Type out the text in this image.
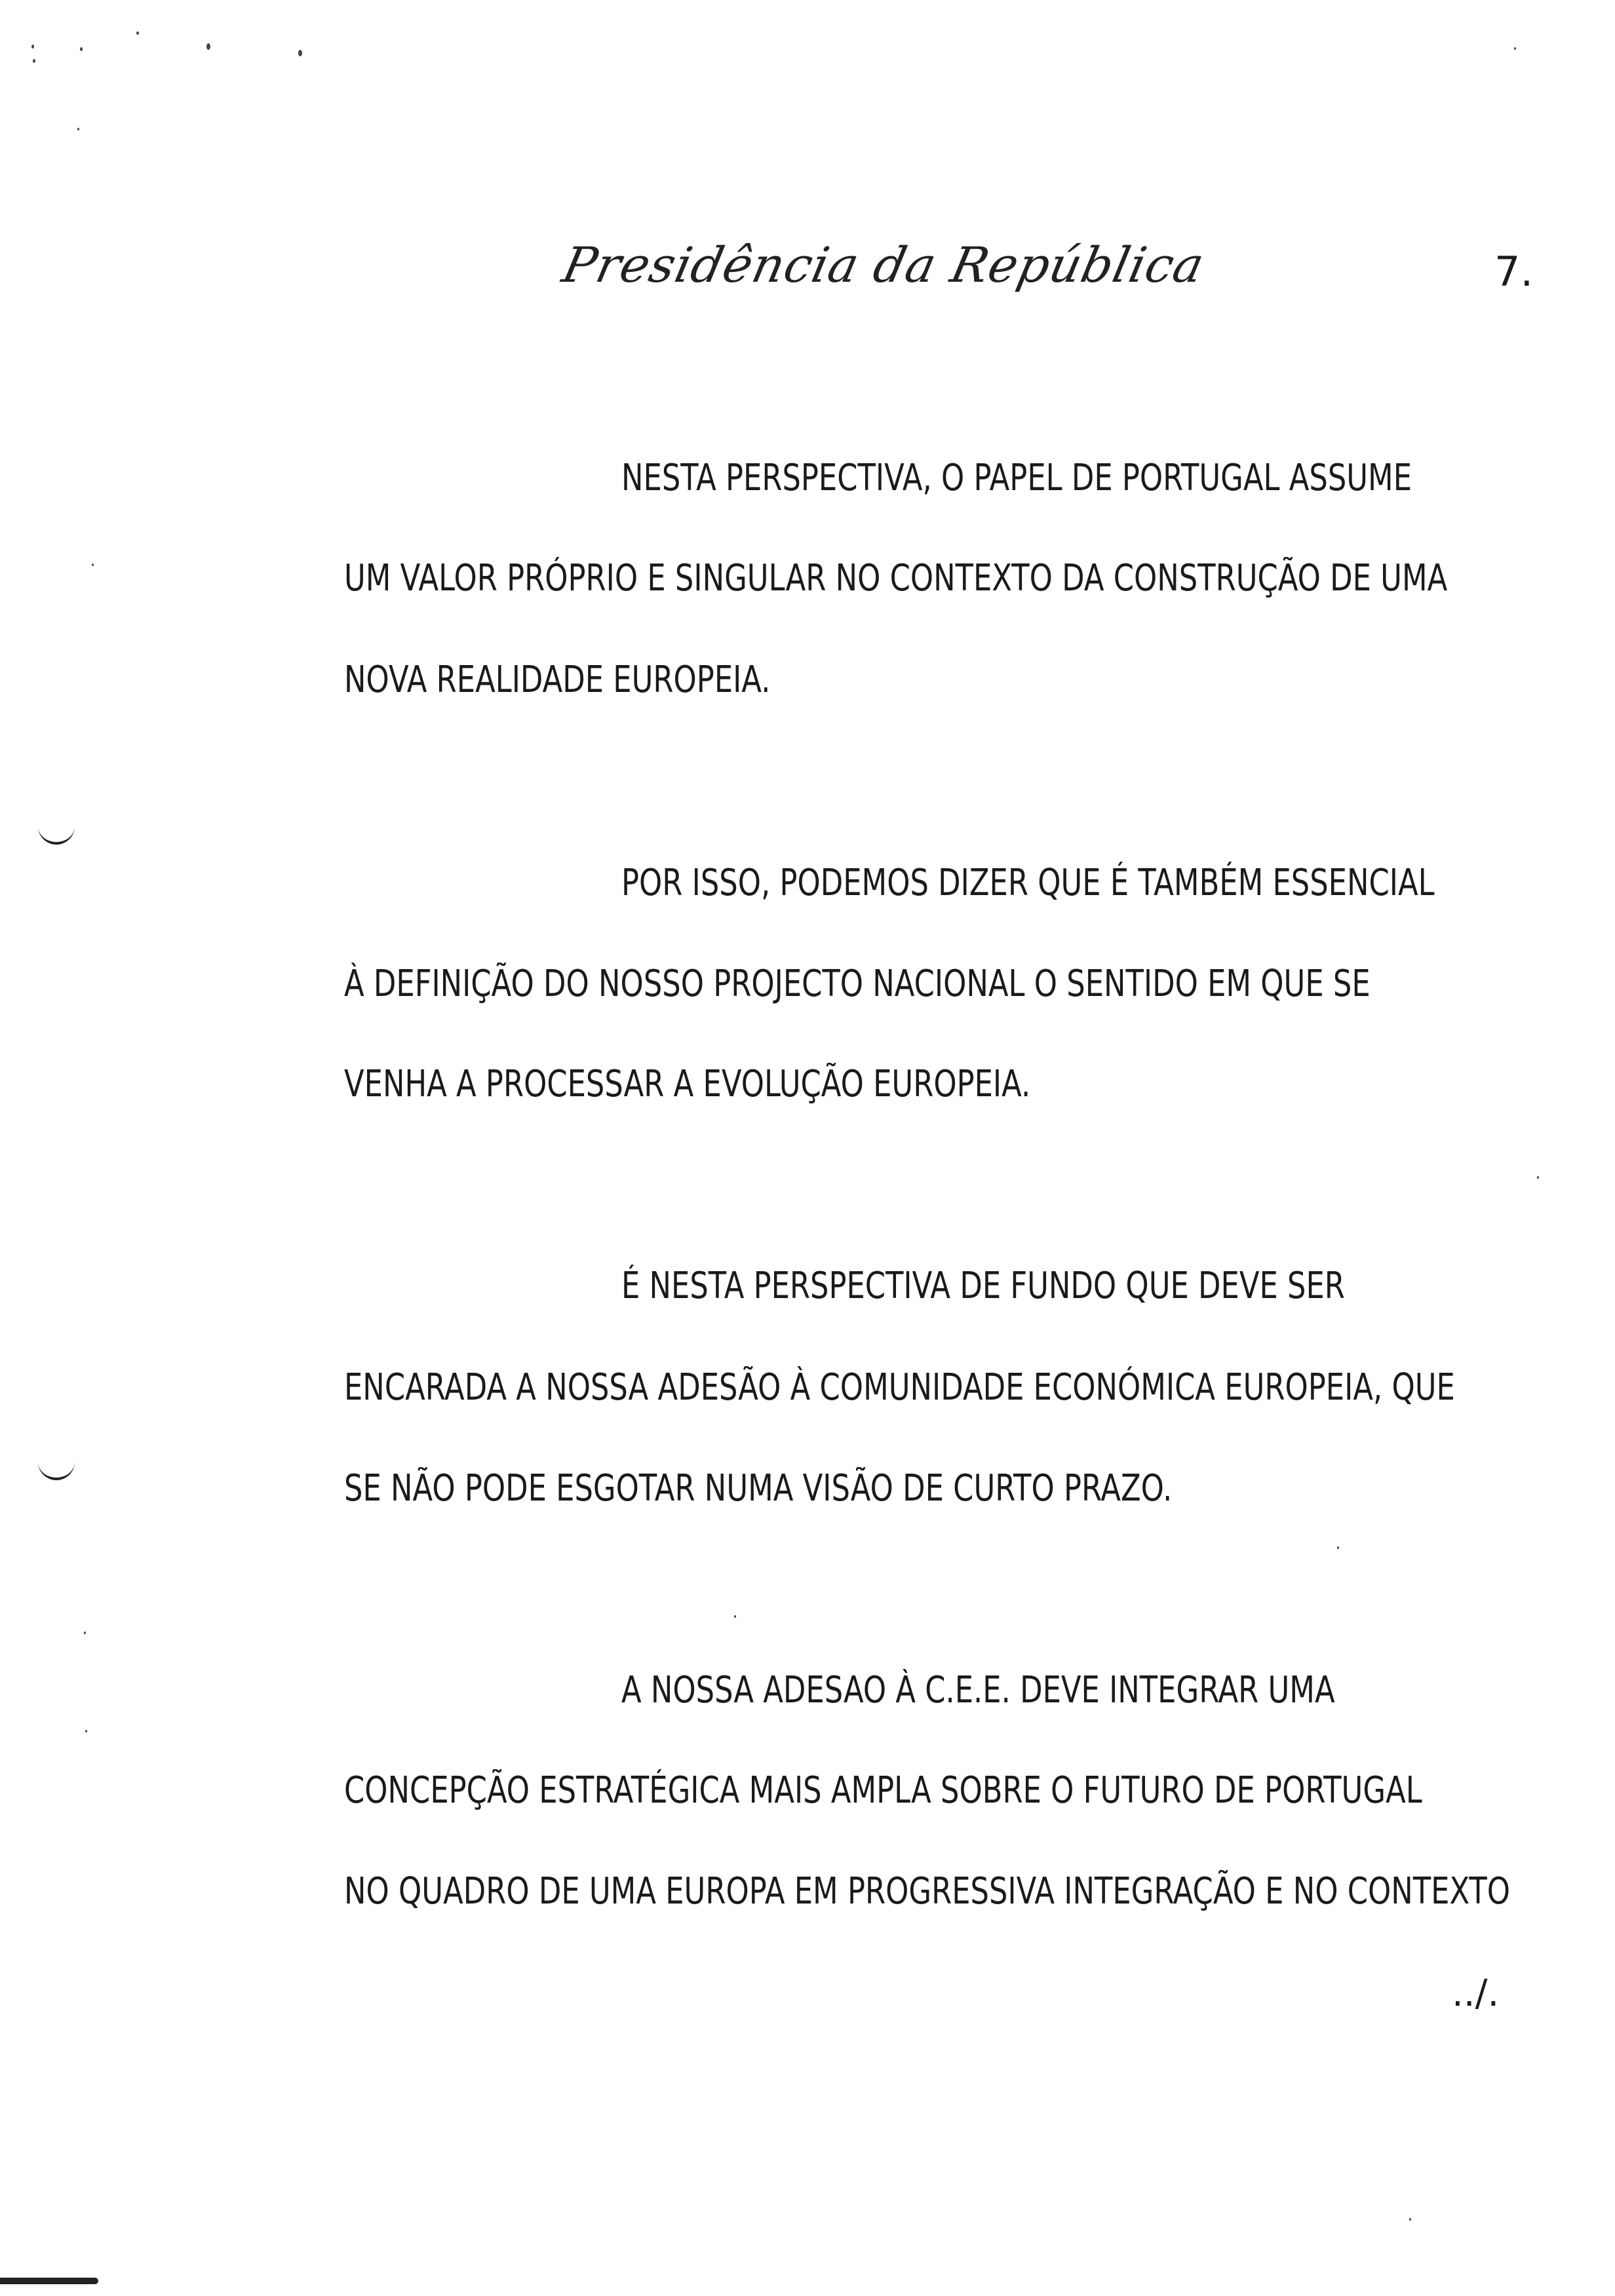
Presidência da República	7.
NESTA PERSPECTIVA, O PAPEL DE PORTUGAL ASSUME
UM VALOR PRÓPRIO E SINGULAR NO CONTEXTO DA CONSTRUÇÃO DE UMA
NOVA REALIDADE EUROPEIA.
POR ISSO, PODEMOS DIZER QUE É TAMBÉM ESSENCIAL
À DEFINIÇÃO DO NOSSO PROJECTO NACIONAL O SENTIDO EM QUE SE
VENHA A PROCESSAR A EVOLUÇÃO EUROPEIA.
É NESTA PERSPECTIVA DE FUNDO QUE DEVE SER
ENCARADA A NOSSA ADESÃO À COMUNIDADE ECONÓMICA EUROPEIA, QUE
SE NÃO PODE ESGOTAR NUMA VISÃO DE CURTO PRAZO.
A NOSSA ADESAO À C.E.E. DEVE INTEGRAR UMA
CONCEPÇÃO ESTRATÉGICA MAIS AMPLA SOBRE O FUTURO DE PORTUGAL
NO QUADRO DE UMA EUROPA EM PROGRESSIVA INTEGRAÇÃO E NO CONTEXTO
../.
